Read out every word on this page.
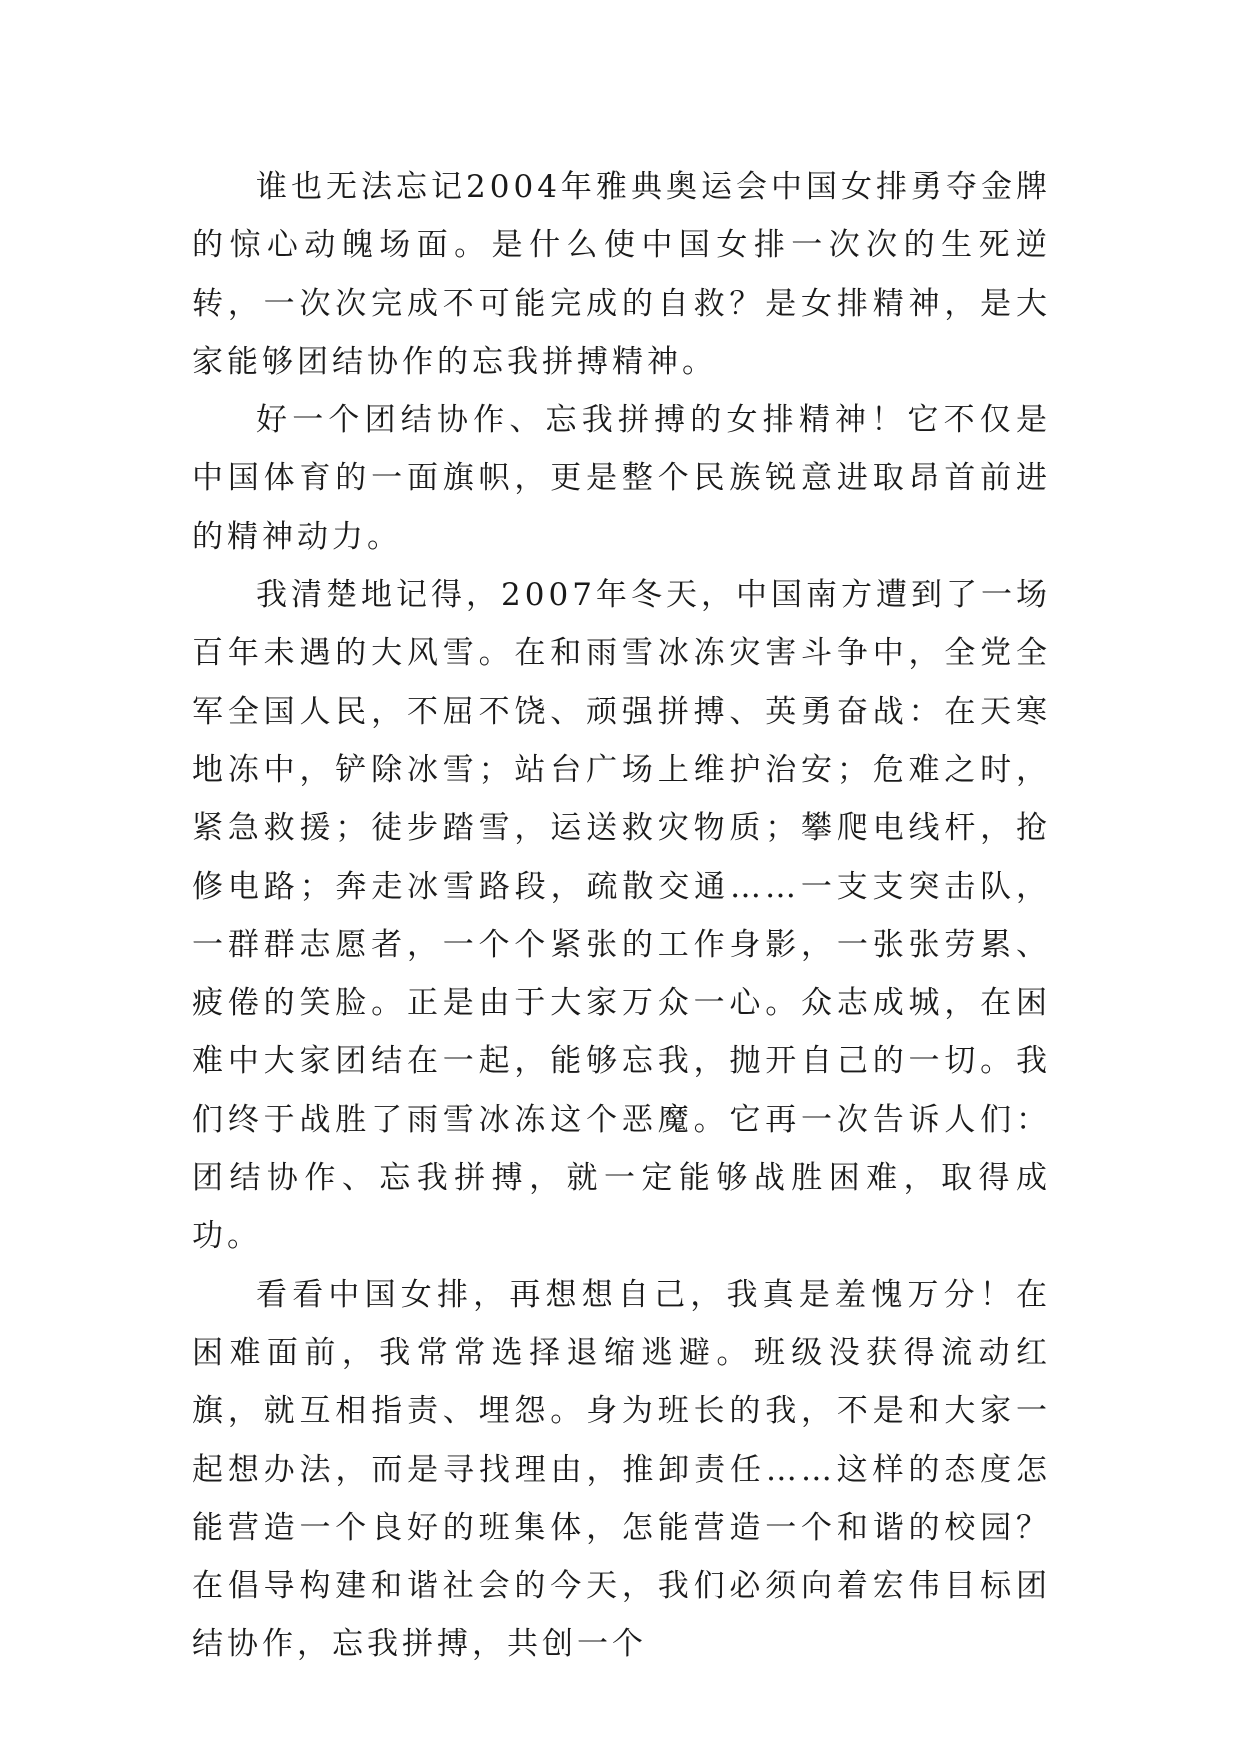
谁也无法忘记2004年雅典奥运会中国女排勇夺金牌的惊心动魄场面。是什么使中国女排一次次的生死逆转，一次次完成不可能完成的自救？是女排精神，是大家能够团结协作的忘我拼搏精神。

好一个团结协作、忘我拼搏的女排精神！它不仅是中国体育的一面旗帜，更是整个民族锐意进取昂首前进的精神动力。

我清楚地记得，2007年冬天，中国南方遭到了一场百年未遇的大风雪。在和雨雪冰冻灾害斗争中，全党全军全国人民，不屈不饶、顽强拼搏、英勇奋战：在天寒地冻中，铲除冰雪；站台广场上维护治安；危难之时，紧急救援；徒步踏雪，运送救灾物质；攀爬电线杆，抢修电路；奔走冰雪路段，疏散交通……一支支突击队，一群群志愿者，一个个紧张的工作身影，一张张劳累、疲倦的笑脸。正是由于大家万众一心。众志成城，在困难中大家团结在一起，能够忘我，抛开自己的一切。我们终于战胜了雨雪冰冻这个恶魔。它再一次告诉人们：团结协作、忘我拼搏，就一定能够战胜困难，取得成功。

看看中国女排，再想想自己，我真是羞愧万分！在困难面前，我常常选择退缩逃避。班级没获得流动红旗，就互相指责、埋怨。身为班长的我，不是和大家一起想办法，而是寻找理由，推卸责任……这样的态度怎能营造一个良好的班集体，怎能营造一个和谐的校园？在倡导构建和谐社会的今天，我们必须向着宏伟目标团结协作，忘我拼搏，共创一个
